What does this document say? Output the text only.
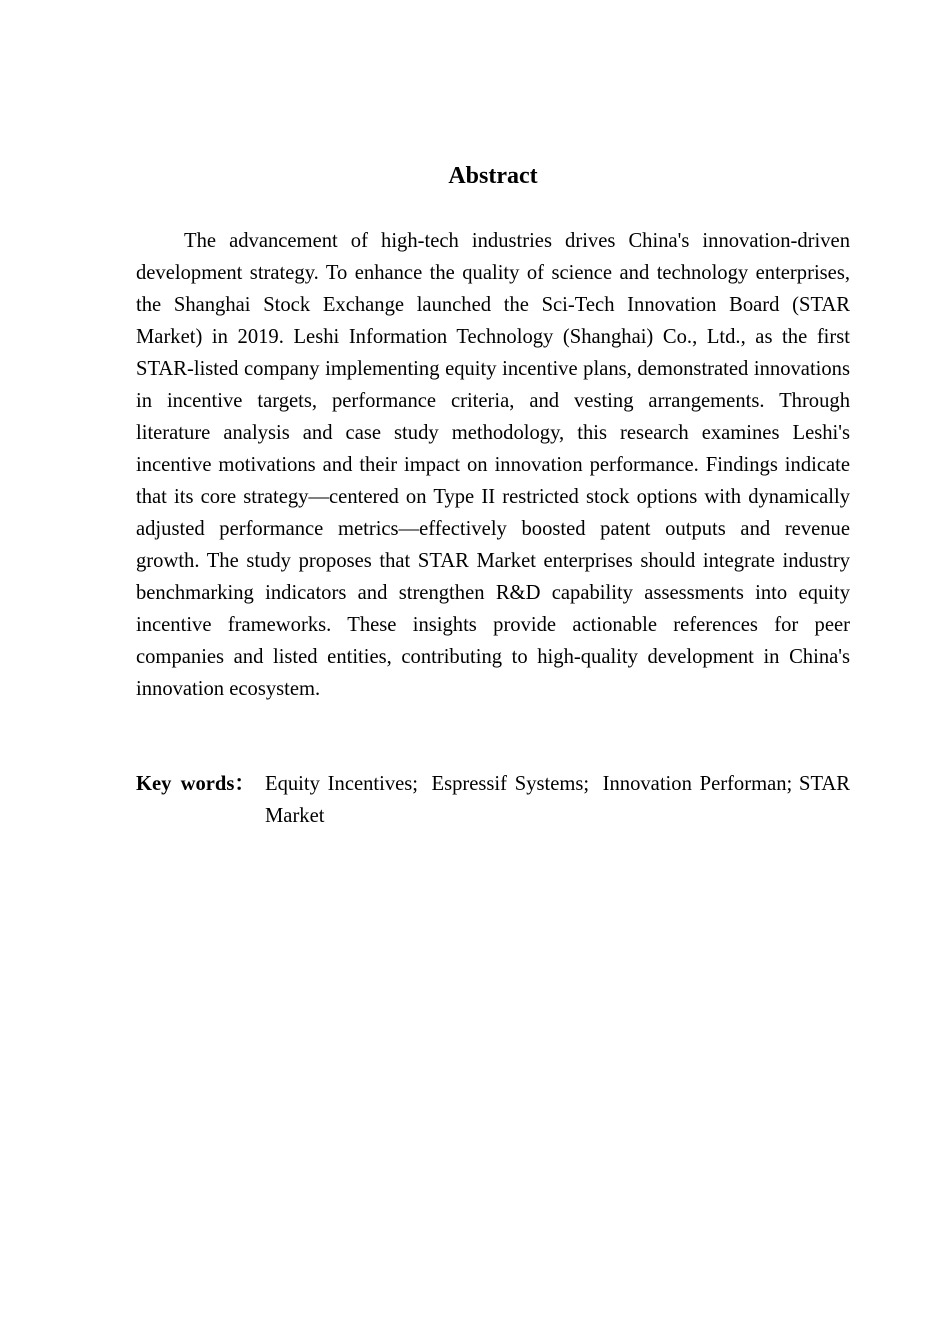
Abstract

The advancement of high-tech industries drives China's innovation-driven development strategy. To enhance the quality of science and technology enterprises, the Shanghai Stock Exchange launched the Sci-Tech Innovation Board (STAR Market) in 2019. Leshi Information Technology (Shanghai) Co., Ltd., as the first STAR-listed company implementing equity incentive plans, demonstrated innovations in incentive targets, performance criteria, and vesting arrangements. Through literature analysis and case study methodology, this research examines Leshi's incentive motivations and their impact on innovation performance. Findings indicate that its core strategy—centered on Type II restricted stock options with dynamically adjusted performance metrics—effectively boosted patent outputs and revenue growth. The study proposes that STAR Market enterprises should integrate industry benchmarking indicators and strengthen R&D capability assessments into equity incentive frameworks. These insights provide actionable references for peer companies and listed entities, contributing to high-quality development in China's innovation ecosystem.

Key words： Equity Incentives; Espressif Systems; Innovation Performan; STAR Market
